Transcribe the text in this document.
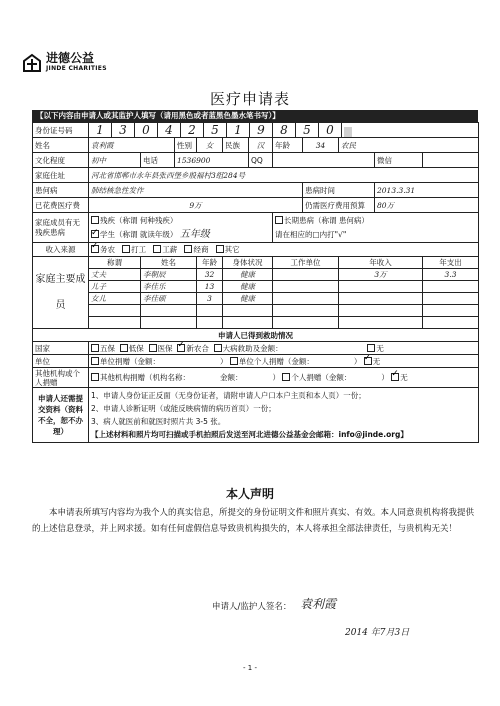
进德公益
JINDE CHARITIES
医疗申请表
【以下内容由申请人或其监护人填写（请用黑色或者蓝黑色墨水笔书写）】
身份证号码	1 3 0 4 2 5 1 9 8 5 0										
姓名	袁利霞		性别	女	民族	汉	年龄	34	农民		
文化程度	初中	电话	1536900			QQ				微信	
家庭住址	河北省邯郸市永年县张西堡乡殷福村3组284号										
患何病	肺结核急性发作							患病时间		2013.3.31	
已花费医疗费	9万							仍需医疗费用预算		80万	
家庭成员有无残疾患病	残疾（称谓 何种残疾）
✓学生（称谓 就读年级） 五年级						长期患病（称谓 患何病）
请在相应的□内打"√"				
收入来源	✓务农 打工 工薪 经商 其它
家庭主要成员	称谓	姓名		年龄	身体状况		工作单位		年收入		年支出
	丈夫	李朝辰		32	健康				3万		3.3
	儿子	李佳乐		13	健康						
	女儿	李佳硕		3	健康						

申请人已得到救助情况											
国家	五保 低保 医保 ✓ 新农合 大病救助及金额： 无
单位	单位捐赠（金额： ） 单位个人捐赠（金额： ） ✓ 无
其他机构或个人捐赠	其他机构捐赠（机构名称： 金额： ） 个人捐赠（金额： ） ✓ 无
申请人还需提交资料（资料不全，恕不办理）	1、申请人身份证正反面（无身份证者，请附申请人户口本户主页和本人页）一份；
2、申请人诊断证明（或能反映病情的病历首页）一份；
3、病人就医前和就医时照片共 3-5 张。
【上述材料和照片均可扫描或手机拍照后发送至河北进德公益基金会邮箱：info@jinde.org】										
本人声明
本申请表所填写内容均为我个人的真实信息，所提交的身份证明文件和照片真实、有效。本人同意贵机构将我提供的上述信息登录，并上网求援。如有任何虚假信息导致贵机构损失的，本人将承担全部法律责任，与贵机构无关！
申请人/监护人签名： 袁利霞
2014 年7月3日
- 1 -
